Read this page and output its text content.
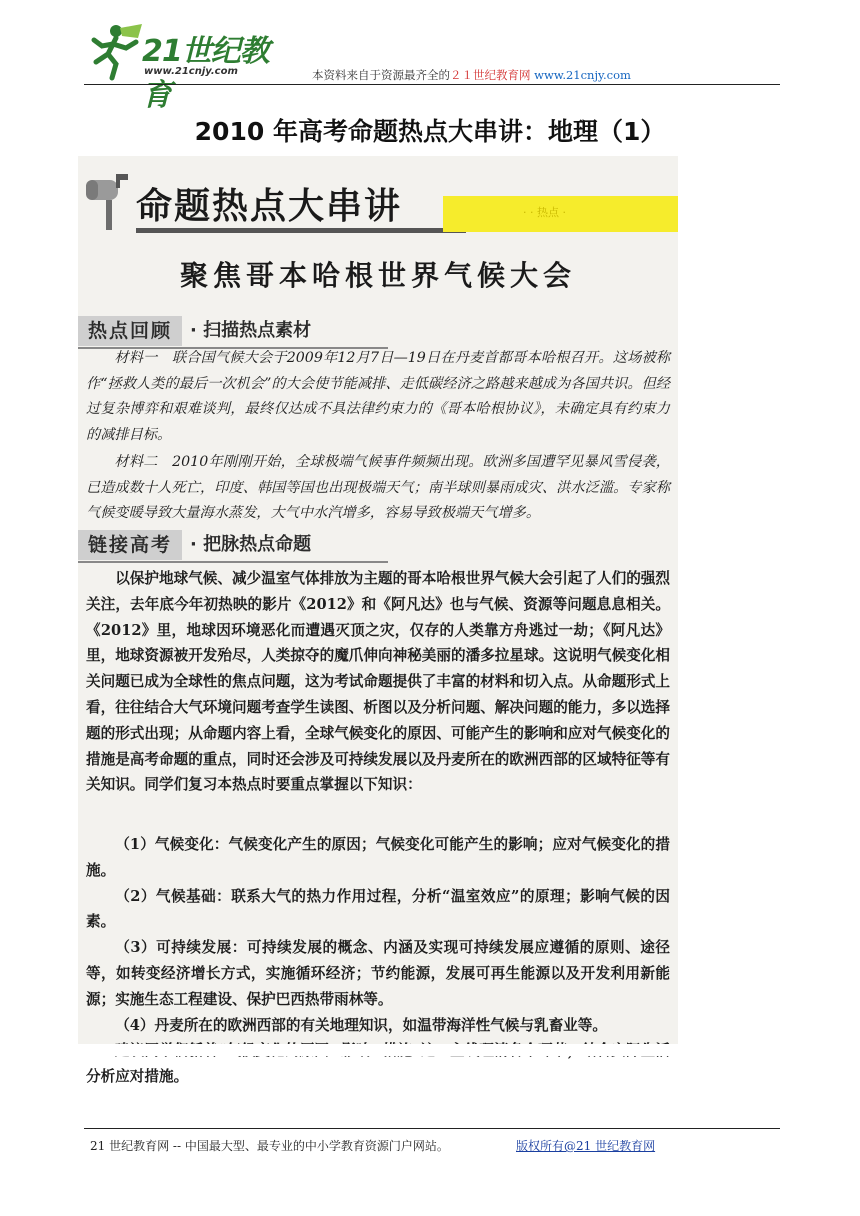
21世纪教育
www.21cnjy.com	本资料来自于资源最齐全的２１世纪教育网 www.21cnjy.com
2010 年高考命题热点大串讲：地理（1）
命题热点大串讲	· · 热点 ·
聚焦哥本哈根世界气候大会
热点回顾 · 扫描热点素材
材料一　联合国气候大会于2009年12月7日—19日在丹麦首都哥本哈根召开。这场被称作“拯救人类的最后一次机会”的大会使节能减排、走低碳经济之路越来越成为各国共识。但经过复杂博弈和艰难谈判，最终仅达成不具法律约束力的《哥本哈根协议》，未确定具有约束力的减排目标。
材料二　2010年刚刚开始，全球极端气候事件频频出现。欧洲多国遭罕见暴风雪侵袭，已造成数十人死亡，印度、韩国等国也出现极端天气；南半球则暴雨成灾、洪水泛滥。专家称气候变暖导致大量海水蒸发，大气中水汽增多，容易导致极端天气增多。
链接高考 · 把脉热点命题
以保护地球气候、减少温室气体排放为主题的哥本哈根世界气候大会引起了人们的强烈关注，去年底今年初热映的影片《2012》和《阿凡达》也与气候、资源等问题息息相关。《2012》里，地球因环境恶化而遭遇灭顶之灾，仅存的人类靠方舟逃过一劫；《阿凡达》里，地球资源被开发殆尽，人类掠夺的魔爪伸向神秘美丽的潘多拉星球。这说明气候变化相关问题已成为全球性的焦点问题，这为考试命题提供了丰富的材料和切入点。从命题形式上看，往往结合大气环境问题考查学生读图、析图以及分析问题、解决问题的能力，多以选择题的形式出现；从命题内容上看，全球气候变化的原因、可能产生的影响和应对气候变化的措施是高考命题的重点，同时还会涉及可持续发展以及丹麦所在的欧洲西部的区域特征等有关知识。同学们复习本热点时要重点掌握以下知识：

（1）气候变化：气候变化产生的原因；气候变化可能产生的影响；应对气候变化的措施。

（2）气候基础：联系大气的热力作用过程，分析“温室效应”的原理；影响气候的因素。

（3）可持续发展：可持续发展的概念、内涵及实现可持续发展应遵循的原则、途径等，如转变经济增长方式，实施循环经济；节约能源，发展可再生能源以及开发利用新能源；实施生态工程建设、保护巴西热带雨林等。

（4）丹麦所在的欧洲西部的有关地理知识，如温带海洋性气候与乳畜业等。

分析应对措施。

21 世纪教育网 -- 中国最大型、最专业的中小学教育资源门户网站。	版权所有@21 世纪教育网
